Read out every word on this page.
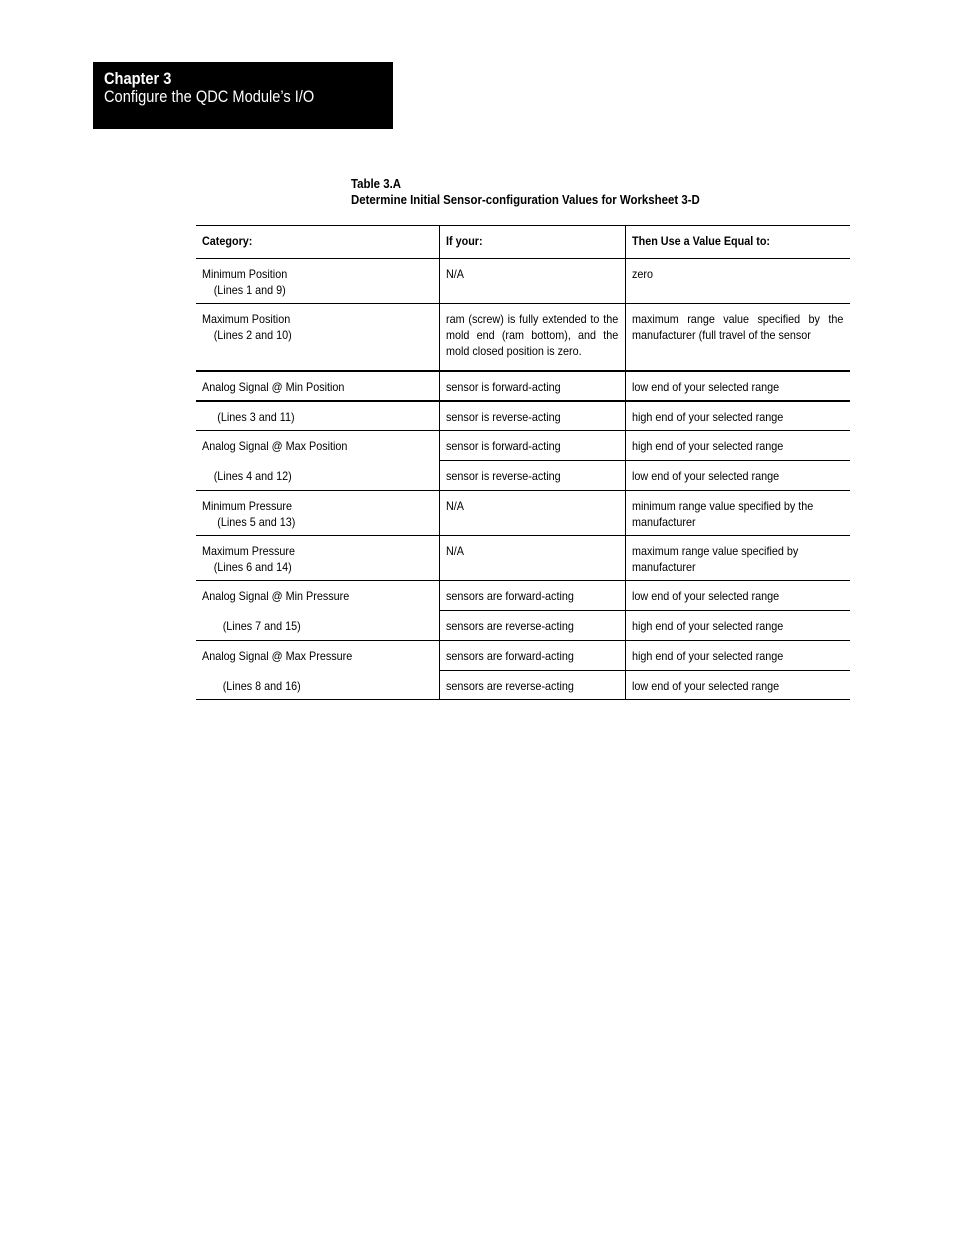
Chapter 3
Configure the QDC Module’s I/O
Table 3.A
Determine Initial Sensor-configuration Values for Worksheet 3-D
Category:	If your:	Then Use a Value Equal to:

Minimum Position
(Lines 1 and 9)	N/A	zero

Maximum Position
(Lines 2 and 10)	ram (screw) is fully extended to the mold end (ram bottom), and the mold closed position is zero.	maximum range value specified by the manufacturer (full travel of the sensor

Analog Signal @ Min Position	sensor is forward-acting	low end of your selected range

(Lines 3 and 11)	sensor is reverse-acting	high end of your selected range

Analog Signal @ Max Position	sensor is forward-acting	high end of your selected range

(Lines 4 and 12)	sensor is reverse-acting	low end of your selected range

Minimum Pressure
(Lines 5 and 13)	N/A	minimum range value specified by the manufacturer

Maximum Pressure
(Lines 6 and 14)	N/A	maximum range value specified by manufacturer

Analog Signal @ Min Pressure	sensors are forward-acting	low end of your selected range

(Lines 7 and 15)	sensors are reverse-acting	high end of your selected range

Analog Signal @ Max Pressure	sensors are forward-acting	high end of your selected range

(Lines 8 and 16)	sensors are reverse-acting	low end of your selected range
